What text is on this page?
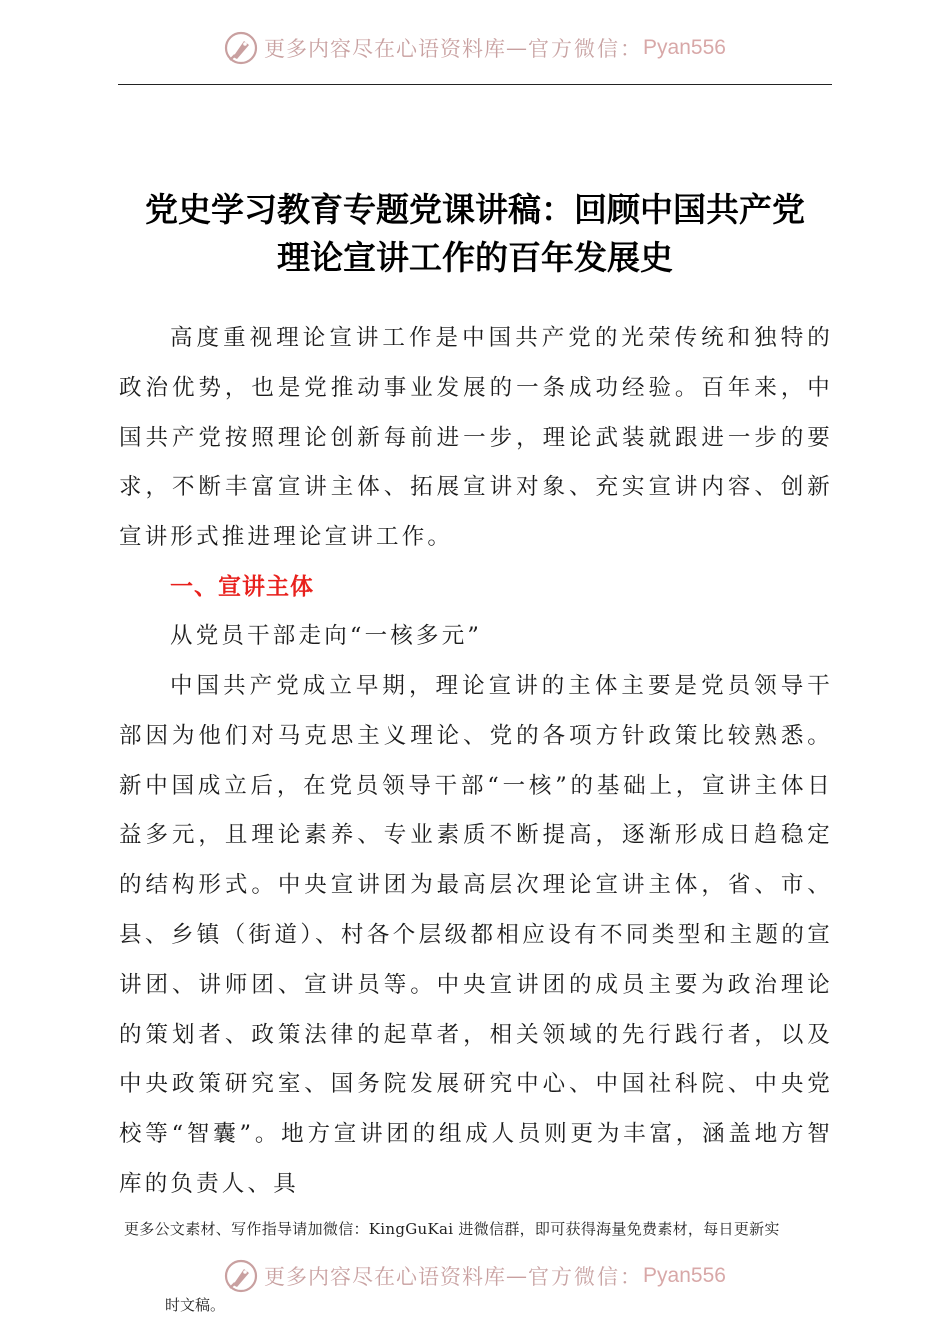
更多内容尽在心语资料库 — 官方微信： Pyan556
党史学习教育专题党课讲稿：回顾中国共产党
理论宣讲工作的百年发展史
高度重视理论宣讲工作是中国共产党的光荣传统和独特的政治优势，也是党推动事业发展的一条成功经验。百年来，中国共产党按照理论创新每前进一步，理论武装就跟进一步的要求，不断丰富宣讲主体、拓展宣讲对象、充实宣讲内容、创新宣讲形式推进理论宣讲工作。
一、宣讲主体
从党员干部走向“一核多元”
中国共产党成立早期，理论宣讲的主体主要是党员领导干部因为他们对马克思主义理论、党的各项方针政策比较熟悉。新中国成立后，在党员领导干部“一核”的基础上，宣讲主体日益多元，且理论素养、专业素质不断提高，逐渐形成日趋稳定的结构形式。中央宣讲团为最高层次理论宣讲主体，省、市、县、乡镇（街道）、村各个层级都相应设有不同类型和主题的宣讲团、讲师团、宣讲员等。中央宣讲团的成员主要为政治理论的策划者、政策法律的起草者，相关领域的先行践行者，以及中央政策研究室、国务院发展研究中心、中国社科院、中央党校等“智囊”。地方宣讲团的组成人员则更为丰富，涵盖地方智库的负责人、具
更多公文素材、写作指导请加微信：KingGuKai 进微信群，即可获得海量免费素材，每日更新实
更多内容尽在心语资料库 — 官方微信： Pyan556
时文稿。
